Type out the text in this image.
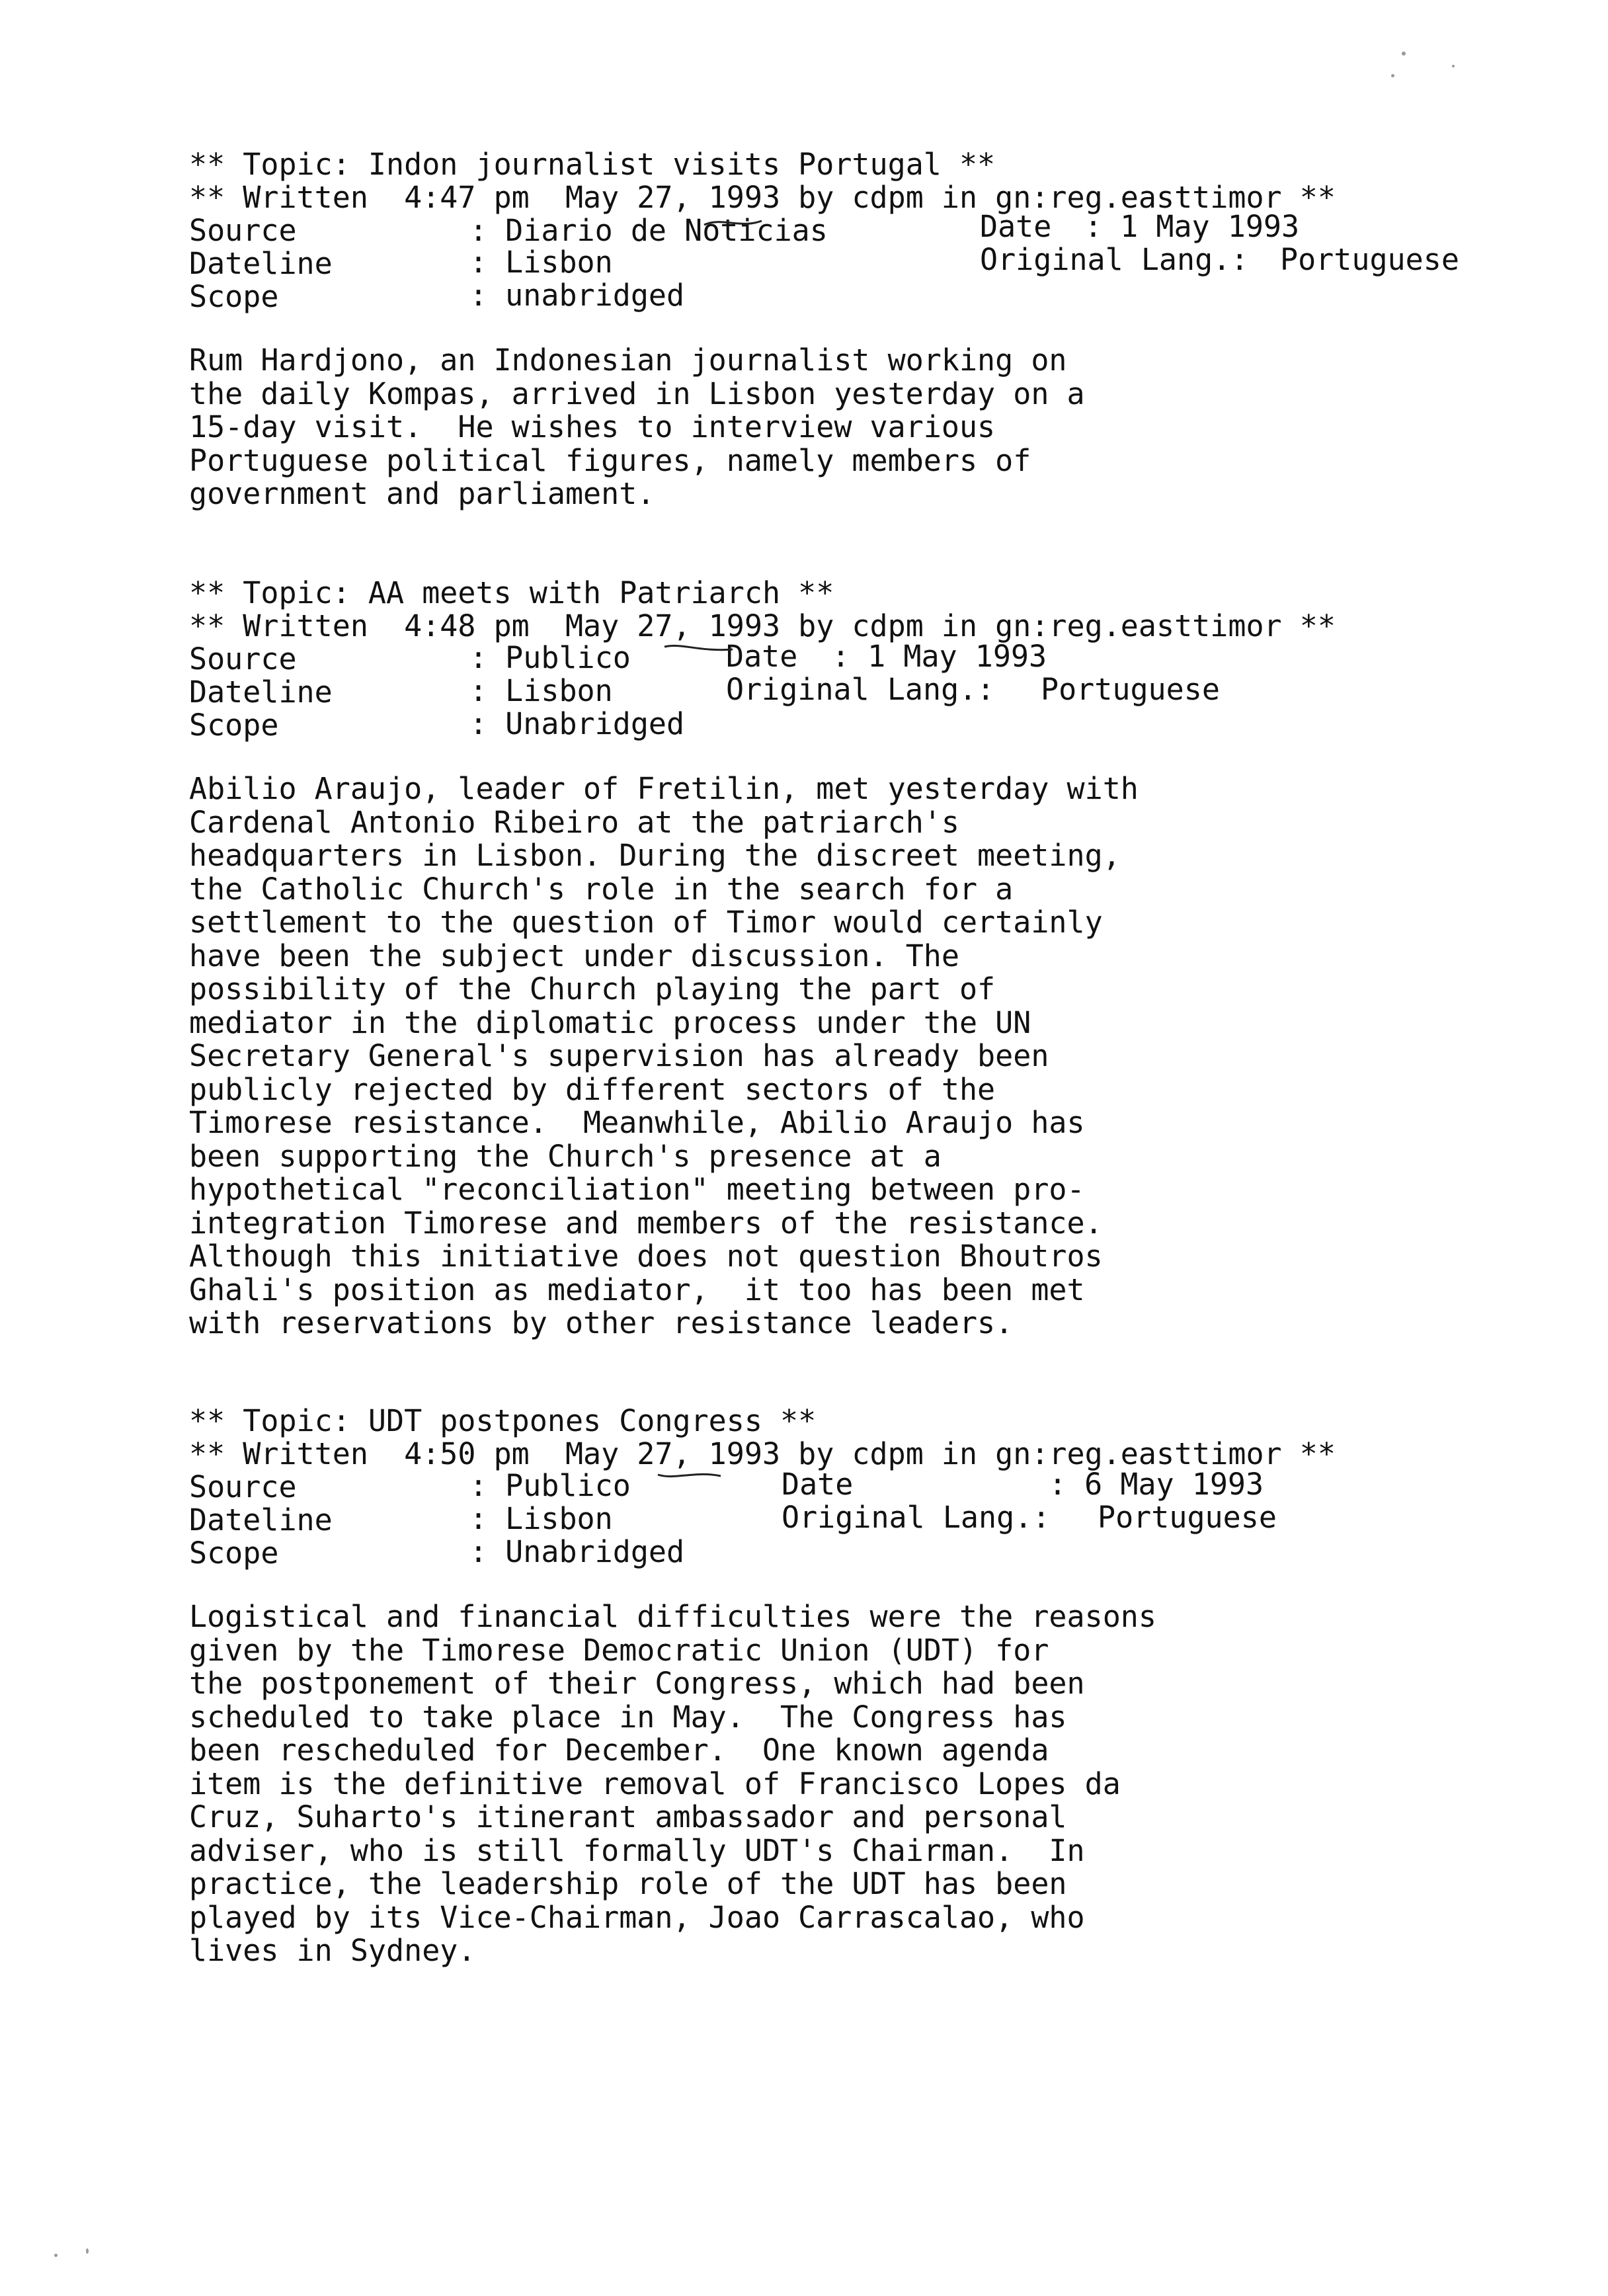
** Topic: Indon journalist visits Portugal **
** Written  4:47 pm  May 27, 1993 by cdpm in gn:reg.easttimor **
Source	: Diario de Noticias	Date : 1 May 1993
Dateline	: Lisbon	Original Lang.: Portuguese
Scope	: unabridged
Rum Hardjono, an Indonesian journalist working on
the daily Kompas, arrived in Lisbon yesterday on a
15-day visit.  He wishes to interview various
Portuguese political figures, namely members of
government and parliament.
** Topic: AA meets with Patriarch **
** Written  4:48 pm  May 27, 1993 by cdpm in gn:reg.easttimor **
Source	: Publico	Date : 1 May 1993
Dateline	: Lisbon	Original Lang.: Portuguese
Scope	: Unabridged
Abilio Araujo, leader of Fretilin, met yesterday with
Cardenal Antonio Ribeiro at the patriarch's
headquarters in Lisbon. During the discreet meeting,
the Catholic Church's role in the search for a
settlement to the question of Timor would certainly
have been the subject under discussion. The
possibility of the Church playing the part of
mediator in the diplomatic process under the UN
Secretary General's supervision has already been
publicly rejected by different sectors of the
Timorese resistance.  Meanwhile, Abilio Araujo has
been supporting the Church's presence at a
hypothetical "reconciliation" meeting between pro-
integration Timorese and members of the resistance.
Although this initiative does not question Bhoutros
Ghali's position as mediator,  it too has been met
with reservations by other resistance leaders.
** Topic: UDT postpones Congress **
** Written  4:50 pm  May 27, 1993 by cdpm in gn:reg.easttimor **
Source	: Publico	Date	: 6 May 1993
Dateline	: Lisbon	Original Lang.: Portuguese
Scope	: Unabridged
Logistical and financial difficulties were the reasons
given by the Timorese Democratic Union (UDT) for
the postponement of their Congress, which had been
scheduled to take place in May.  The Congress has
been rescheduled for December.  One known agenda
item is the definitive removal of Francisco Lopes da
Cruz, Suharto's itinerant ambassador and personal
adviser, who is still formally UDT's Chairman.  In
practice, the leadership role of the UDT has been
played by its Vice-Chairman, Joao Carrascalao, who
lives in Sydney.
